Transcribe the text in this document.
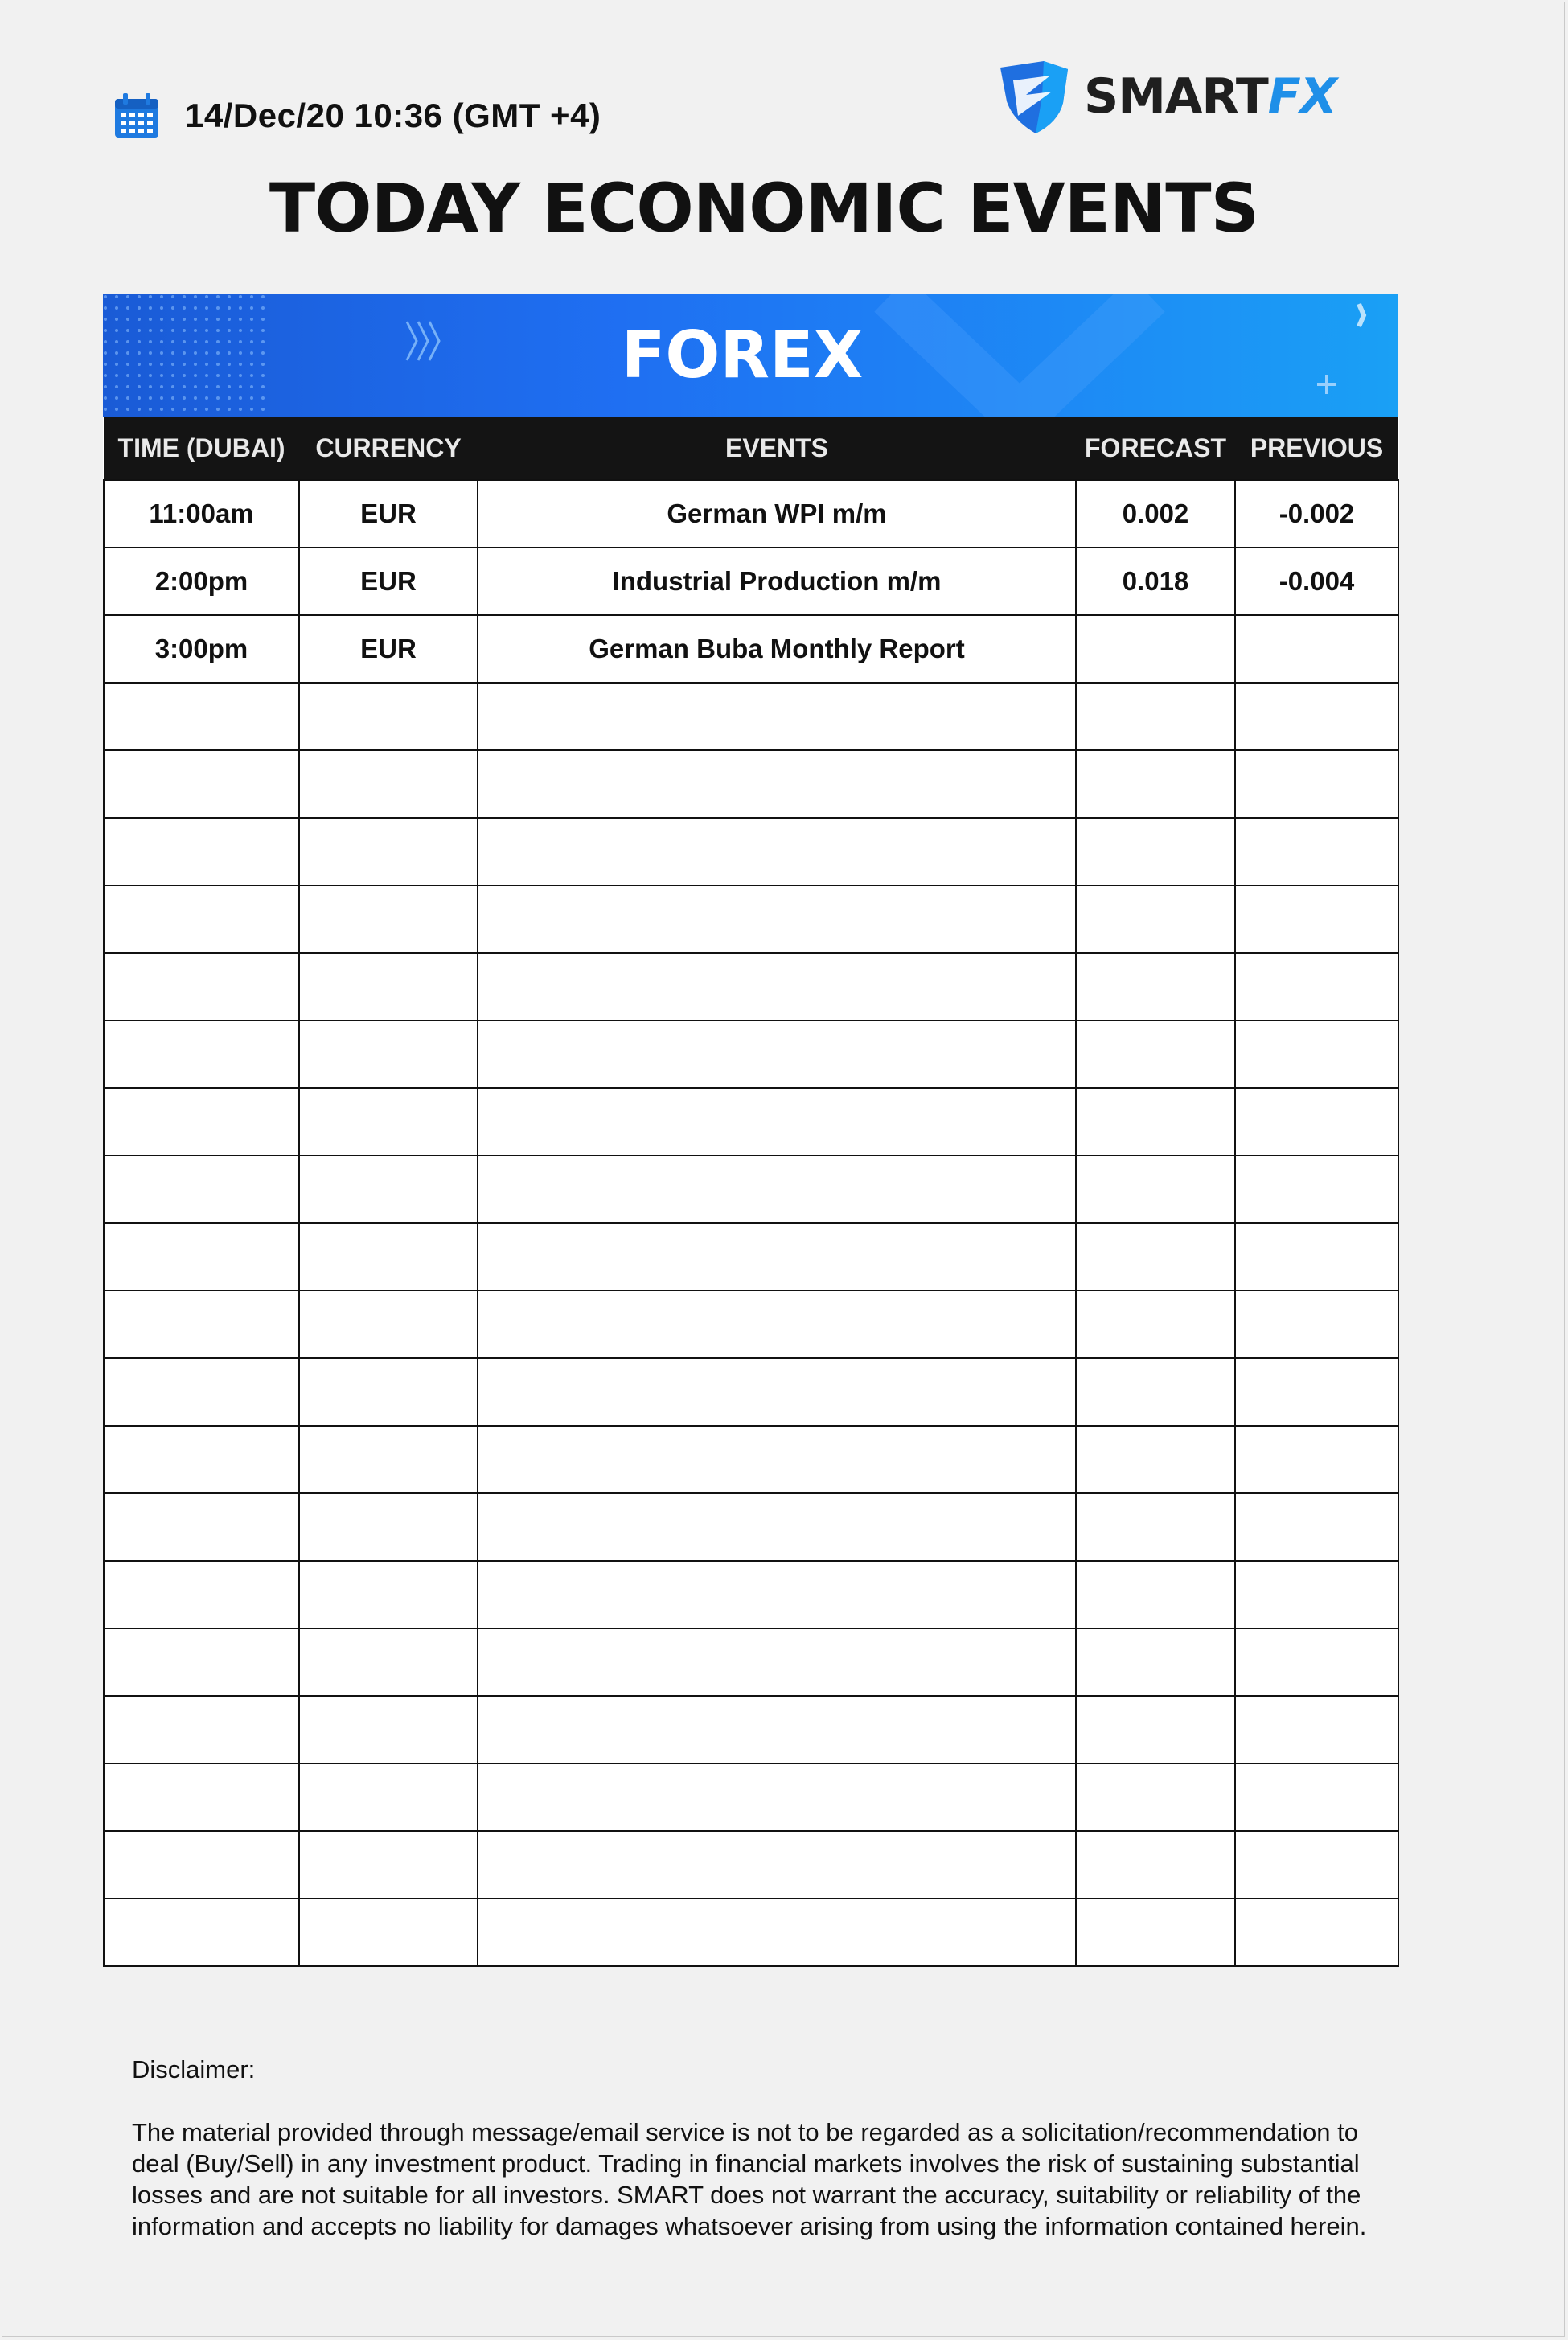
14/Dec/20 10:36 (GMT +4)	SMARTFX
TODAY ECONOMIC EVENTS
FOREX
TIME (DUBAI)	CURRENCY	EVENTS	FORECAST	PREVIOUS
11:00am	EUR	German WPI m/m	0.002	-0.002
2:00pm	EUR	Industrial Production m/m	0.018	-0.004
3:00pm	EUR	German Buba Monthly Report		

Disclaimer:
The material provided through message/email service is not to be regarded as a solicitation/recommendation to deal (Buy/Sell) in any investment product. Trading in financial markets involves the risk of sustaining substantial losses and are not suitable for all investors. SMART does not warrant the accuracy, suitability or reliability of the information and accepts no liability for damages whatsoever arising from using the information contained herein.
